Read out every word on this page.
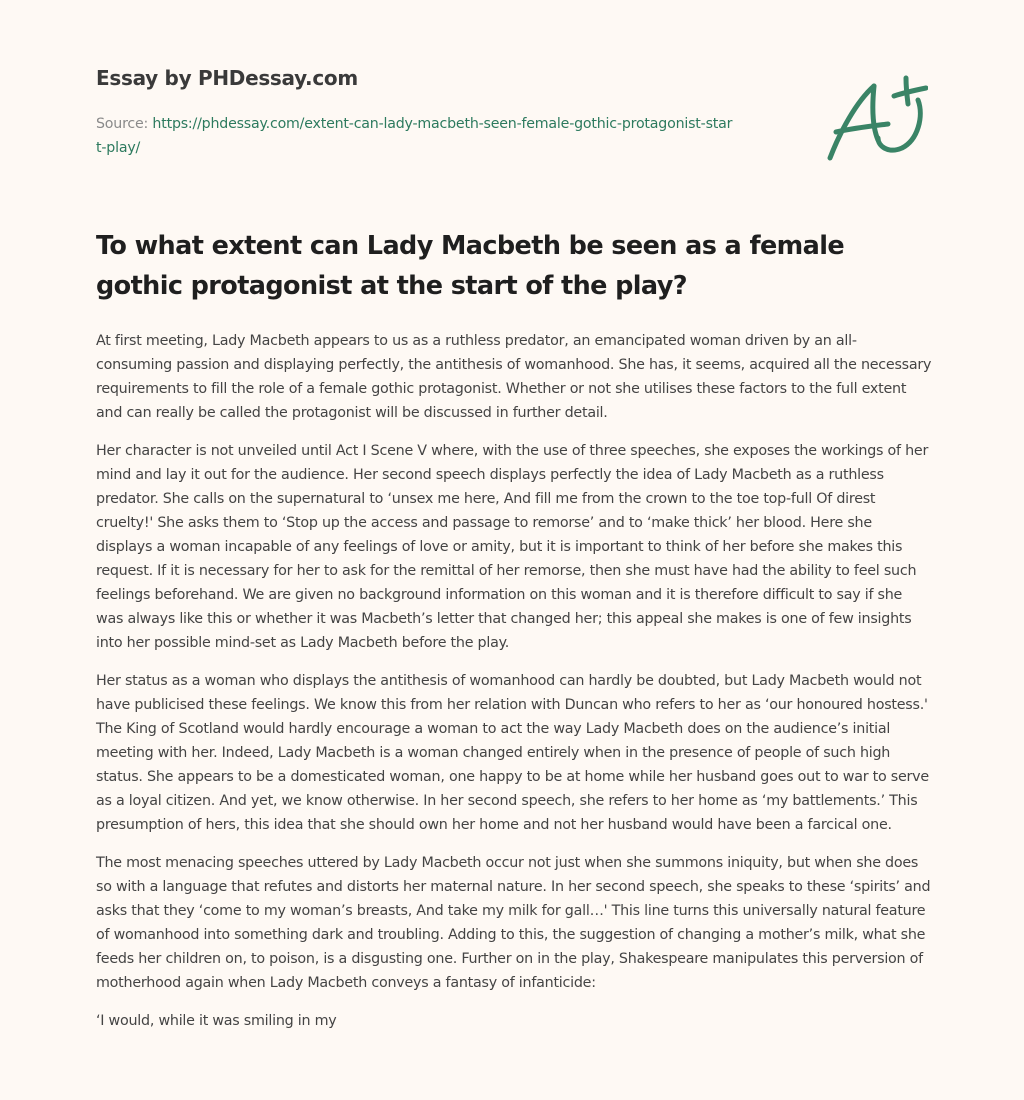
Essay by PHDessay.com
Source: https://phdessay.com/extent-can-lady-macbeth-seen-female-gothic-protagonist-start-play/
To what extent can Lady Macbeth be seen as a female gothic protagonist at the start of the play?

At first meeting, Lady Macbeth appears to us as a ruthless predator, an emancipated woman driven by an all-consuming passion and displaying perfectly, the antithesis of womanhood. She has, it seems, acquired all the necessary requirements to fill the role of a female gothic protagonist. Whether or not she utilises these factors to the full extent and can really be called the protagonist will be discussed in further detail.

Her character is not unveiled until Act I Scene V where, with the use of three speeches, she exposes the workings of her mind and lay it out for the audience. Her second speech displays perfectly the idea of Lady Macbeth as a ruthless predator. She calls on the supernatural to ‘unsex me here, And fill me from the crown to the toe top-full Of direst cruelty!' She asks them to ‘Stop up the access and passage to remorse’ and to ‘make thick’ her blood. Here she displays a woman incapable of any feelings of love or amity, but it is important to think of her before she makes this request. If it is necessary for her to ask for the remittal of her remorse, then she must have had the ability to feel such feelings beforehand. We are given no background information on this woman and it is therefore difficult to say if she was always like this or whether it was Macbeth’s letter that changed her; this appeal she makes is one of few insights into her possible mind-set as Lady Macbeth before the play.

Her status as a woman who displays the antithesis of womanhood can hardly be doubted, but Lady Macbeth would not have publicised these feelings. We know this from her relation with Duncan who refers to her as ‘our honoured hostess.' The King of Scotland would hardly encourage a woman to act the way Lady Macbeth does on the audience’s initial meeting with her. Indeed, Lady Macbeth is a woman changed entirely when in the presence of people of such high status. She appears to be a domesticated woman, one happy to be at home while her husband goes out to war to serve as a loyal citizen. And yet, we know otherwise. In her second speech, she refers to her home as ‘my battlements.’ This presumption of hers, this idea that she should own her home and not her husband would have been a farcical one.

The most menacing speeches uttered by Lady Macbeth occur not just when she summons iniquity, but when she does so with a language that refutes and distorts her maternal nature. In her second speech, she speaks to these ‘spirits’ and asks that they ‘come to my woman’s breasts, And take my milk for gall…' This line turns this universally natural feature of womanhood into something dark and troubling. Adding to this, the suggestion of changing a mother’s milk, what she feeds her children on, to poison, is a disgusting one. Further on in the play, Shakespeare manipulates this perversion of motherhood again when Lady Macbeth conveys a fantasy of infanticide:

‘I would, while it was smiling in my
